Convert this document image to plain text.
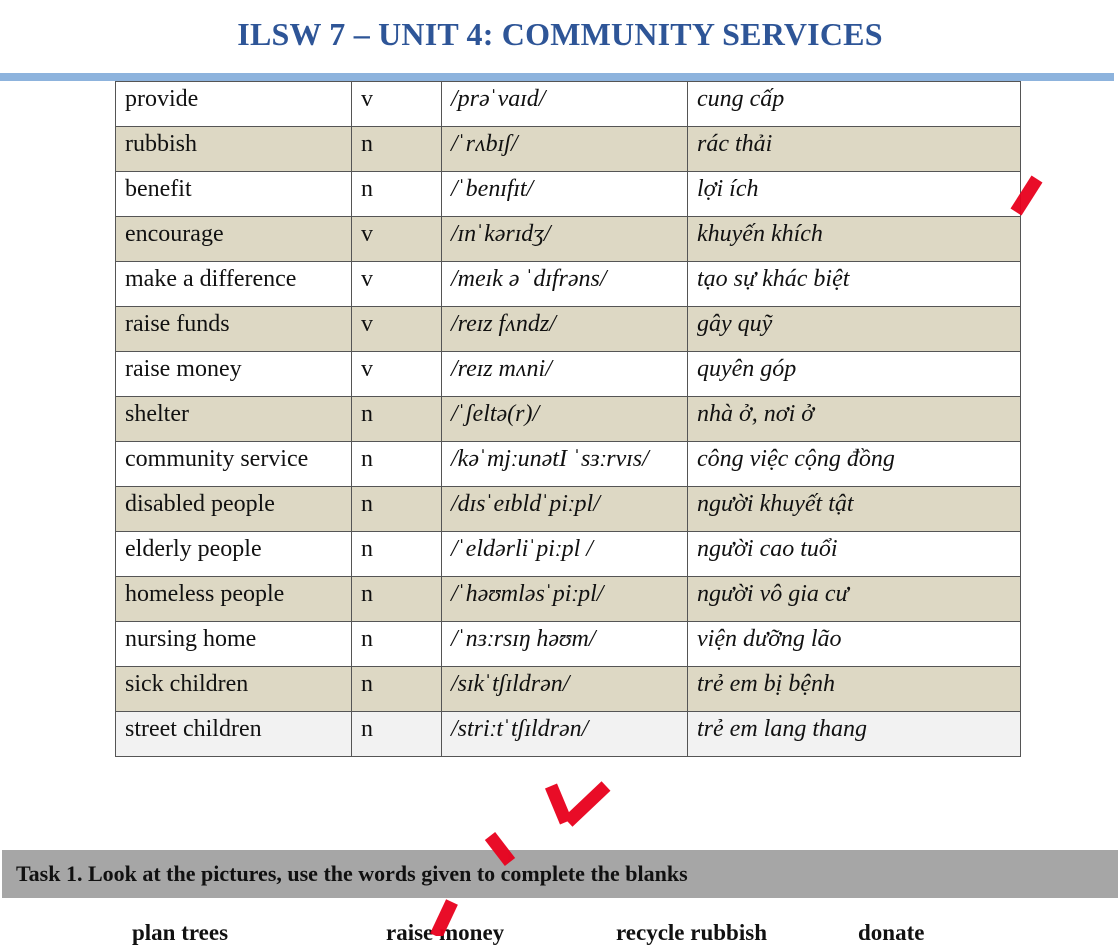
ILSW 7 – UNIT 4: COMMUNITY SERVICES
provide	v	/prəˈvaɪd/	cung cấp
rubbish	n	/ˈrʌbɪʃ/	rác thải
benefit	n	/ˈbenɪfɪt/	lợi ích
encourage	v	/ɪnˈkərɪdʒ/	khuyến khích
make a difference	v	/meɪk ə ˈdɪfrəns/	tạo sự khác biệt
raise funds	v	/reɪz fʌndz/	gây quỹ
raise money	v	/reɪz mʌni/	quyên góp
shelter	n	/ˈʃeltə(r)/	nhà ở, nơi ở
community service	n	/kəˈmjːunətI ˈsɜːrvɪs/	công việc cộng đồng
disabled people	n	/dɪsˈeɪbldˈpiːpl/	người khuyết tật
elderly people	n	/ˈeldərliˈpiːpl /	người cao tuổi
homeless people	n	/ˈhəʊmləsˈpiːpl/	người vô gia cư
nursing home	n	/ˈnɜːrsɪŋ həʊm/	viện dưỡng lão
sick children	n	/sɪkˈtʃɪldrən/	trẻ em bị bệnh
street children	n	/striːtˈtʃɪldrən/	trẻ em lang thang
Task 1. Look at the pictures, use the words given to complete the blanks
plan trees	raise money	recycle rubbish	donate
